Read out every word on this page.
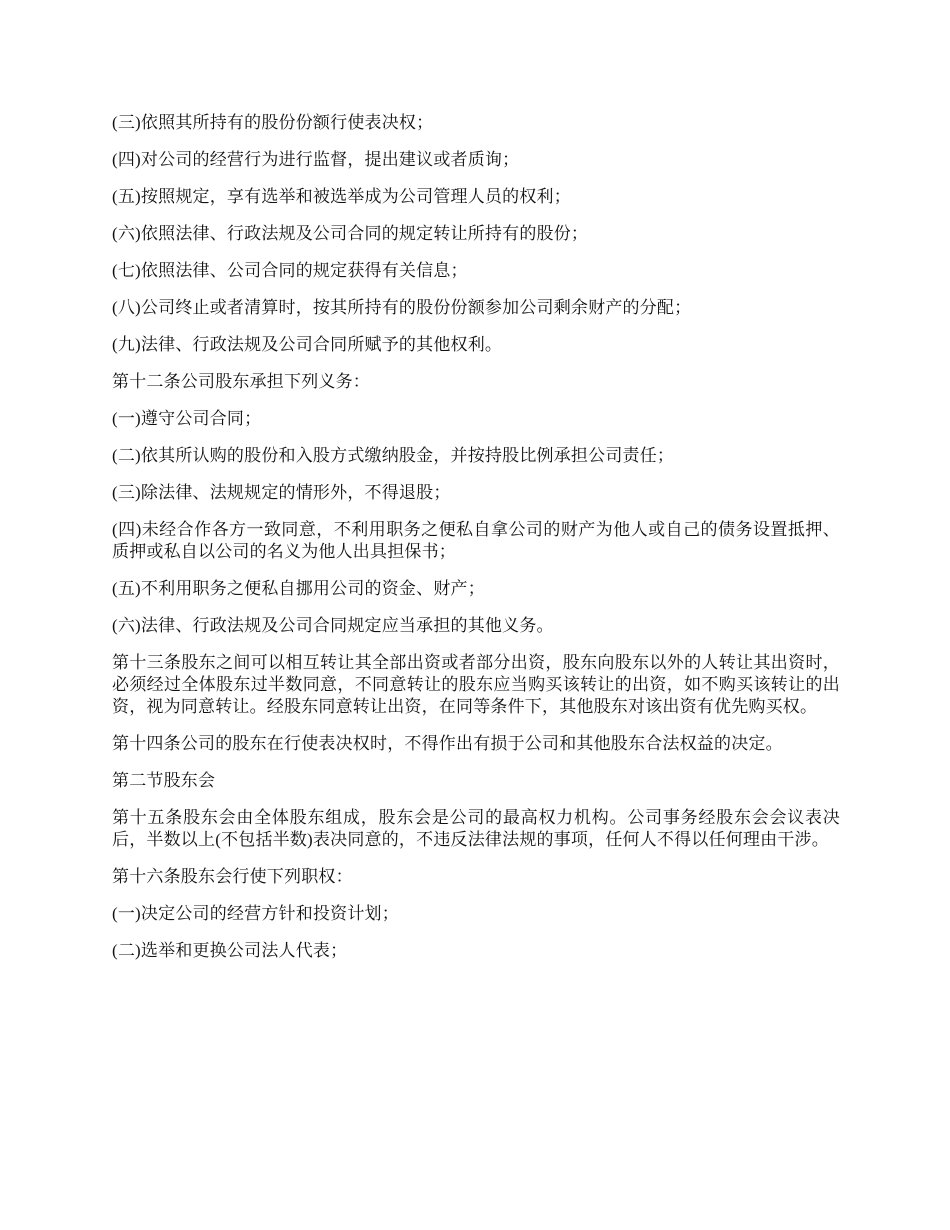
(三)依照其所持有的股份份额行使表决权；

(四)对公司的经营行为进行监督，提出建议或者质询；

(五)按照规定，享有选举和被选举成为公司管理人员的权利；

(六)依照法律、行政法规及公司合同的规定转让所持有的股份；

(七)依照法律、公司合同的规定获得有关信息；

(八)公司终止或者清算时，按其所持有的股份份额参加公司剩余财产的分配；

(九)法律、行政法规及公司合同所赋予的其他权利。

第十二条公司股东承担下列义务：

(一)遵守公司合同；

(二)依其所认购的股份和入股方式缴纳股金，并按持股比例承担公司责任；

(三)除法律、法规规定的情形外，不得退股；

(四)未经合作各方一致同意，不利用职务之便私自拿公司的财产为他人或自己的债务设置抵押、质押或私自以公司的名义为他人出具担保书；

(五)不利用职务之便私自挪用公司的资金、财产；

(六)法律、行政法规及公司合同规定应当承担的其他义务。

第十三条股东之间可以相互转让其全部出资或者部分出资，股东向股东以外的人转让其出资时，必须经过全体股东过半数同意，不同意转让的股东应当购买该转让的出资，如不购买该转让的出资，视为同意转让。经股东同意转让出资，在同等条件下，其他股东对该出资有优先购买权。

第十四条公司的股东在行使表决权时，不得作出有损于公司和其他股东合法权益的决定。

第二节股东会

第十五条股东会由全体股东组成，股东会是公司的最高权力机构。公司事务经股东会会议表决后，半数以上(不包括半数)表决同意的，不违反法律法规的事项，任何人不得以任何理由干涉。

第十六条股东会行使下列职权：

(一)决定公司的经营方针和投资计划；

(二)选举和更换公司法人代表；
